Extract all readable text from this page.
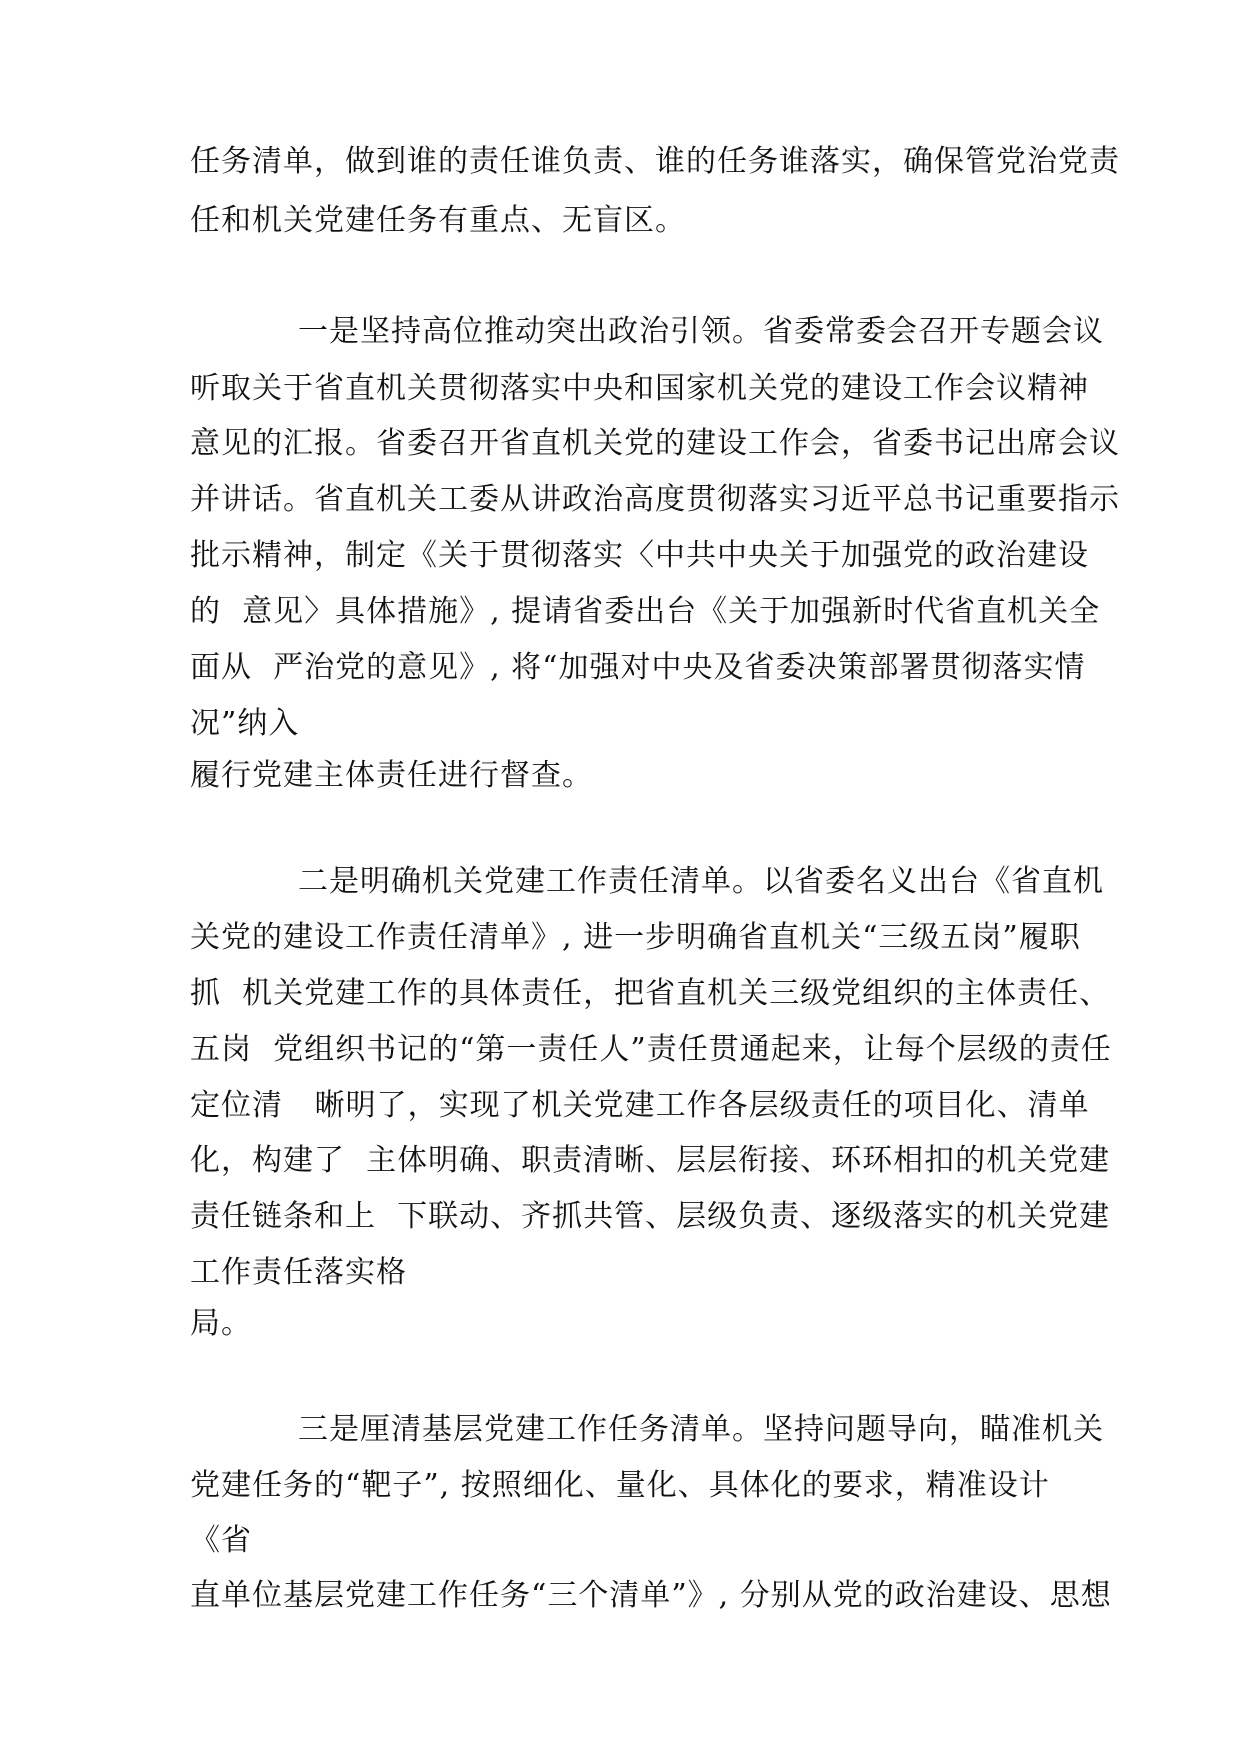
任务清单，做到谁的责任谁负责、谁的任务谁落实，确保管党治党责
任和机关党建任务有重点、无盲区。
一是坚持高位推动突出政治引领。省委常委会召开专题会议
听取关于省直机关贯彻落实中央和国家机关党的建设工作会议精神
意见的汇报。省委召开省直机关党的建设工作会，省委书记出席会议
并讲话。省直机关工委从讲政治高度贯彻落实习近平总书记重要指示
批示精神，制定《关于贯彻落实〈中共中央关于加强党的政治建设
的  意见〉具体措施》, 提请省委出台《关于加强新时代省直机关全
面从  严治党的意见》, 将“加强对中央及省委决策部署贯彻落实情
况”纳入
履行党建主体责任进行督查。
二是明确机关党建工作责任清单。以省委名义出台《省直机
关党的建设工作责任清单》, 进一步明确省直机关“三级五岗”履职
抓  机关党建工作的具体责任，把省直机关三级党组织的主体责任、
五岗  党组织书记的“第一责任人”责任贯通起来，让每个层级的责任
定位清   晰明了，实现了机关党建工作各层级责任的项目化、清单
化，构建了  主体明确、职责清晰、层层衔接、环环相扣的机关党建
责任链条和上  下联动、齐抓共管、层级负责、逐级落实的机关党建
工作责任落实格
局。
三是厘清基层党建工作任务清单。坚持问题导向，瞄准机关
党建任务的“靶子”, 按照细化、量化、具体化的要求，精准设计
《省
直单位基层党建工作任务“三个清单”》, 分别从党的政治建设、思想
